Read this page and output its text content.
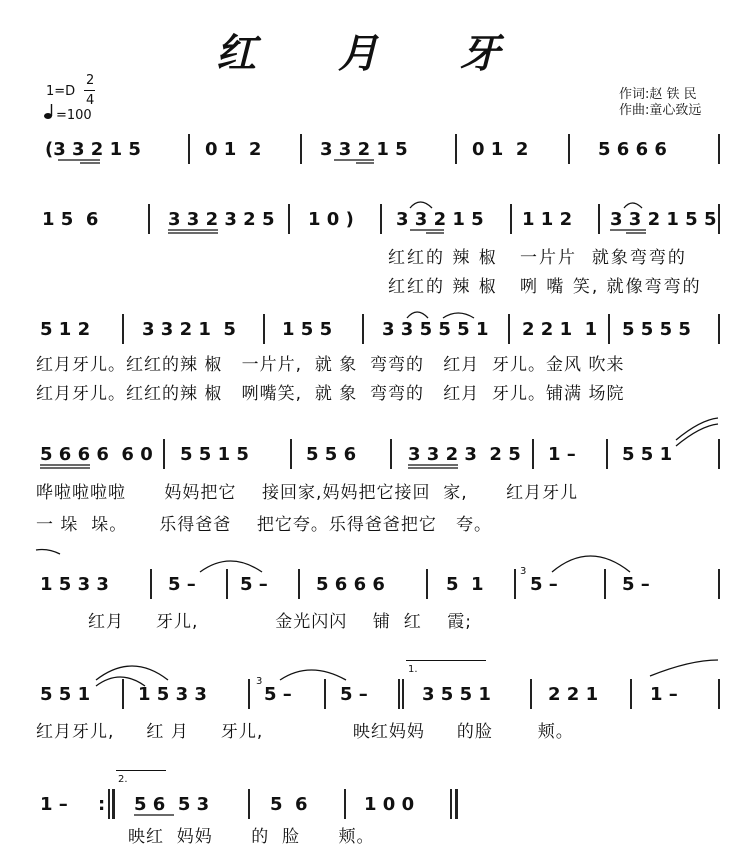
红 月 牙
1=D
2
4

=100
作词:赵 铁 民
作曲:童心致远
(3 3 2 1 5	0 1  2	3 3 2 1 5	0 1  2	5 6 6 6
1 5  6	3 3 2 3 2 5 1 0 ) 3 3 2 1 5 1 1 2 3 3 2 1 5 5
红红的 辣 椒   一片片  就象弯弯的
红红的 辣 椒   咧 嘴 笑, 就像弯弯的
5 1 2	3 3 2 1  5	1 5 5	3 3 5 5 5 1 2 2 1  1 5 5 5 5
红月牙儿。红红的辣 椒   一片片,  就 象  弯弯的   红月  牙儿。金风 吹来
红月牙儿。红红的辣 椒   咧嘴笑,  就 象  弯弯的   红月  牙儿。铺满 场院
5 6 6 6  6 0 5 5 1 5	5 5 6	3 3 2 3  2 5 1 –	5 5 1
哗啦啦啦啦      妈妈把它    接回家,妈妈把它接回  家,      红月牙儿
一 垛  垛。     乐得爸爸    把它夸。乐得爸爸把它   夸。
1 5 3 3	5 – 5 –	5 6 6 6	5  1
3
5 –	5 –
红月     牙儿,            金光闪闪    铺  红    霞;
5 5 1	1 5 3 3
3
5 –	5 –
1.
3 5 5 1	2 2 1	1 –
红月牙儿,     红 月     牙儿,              映红妈妈     的脸       颊。
1 – :
2.
5 6  5 3	5  6	1 0 0
映红  妈妈      的  脸      颊。
